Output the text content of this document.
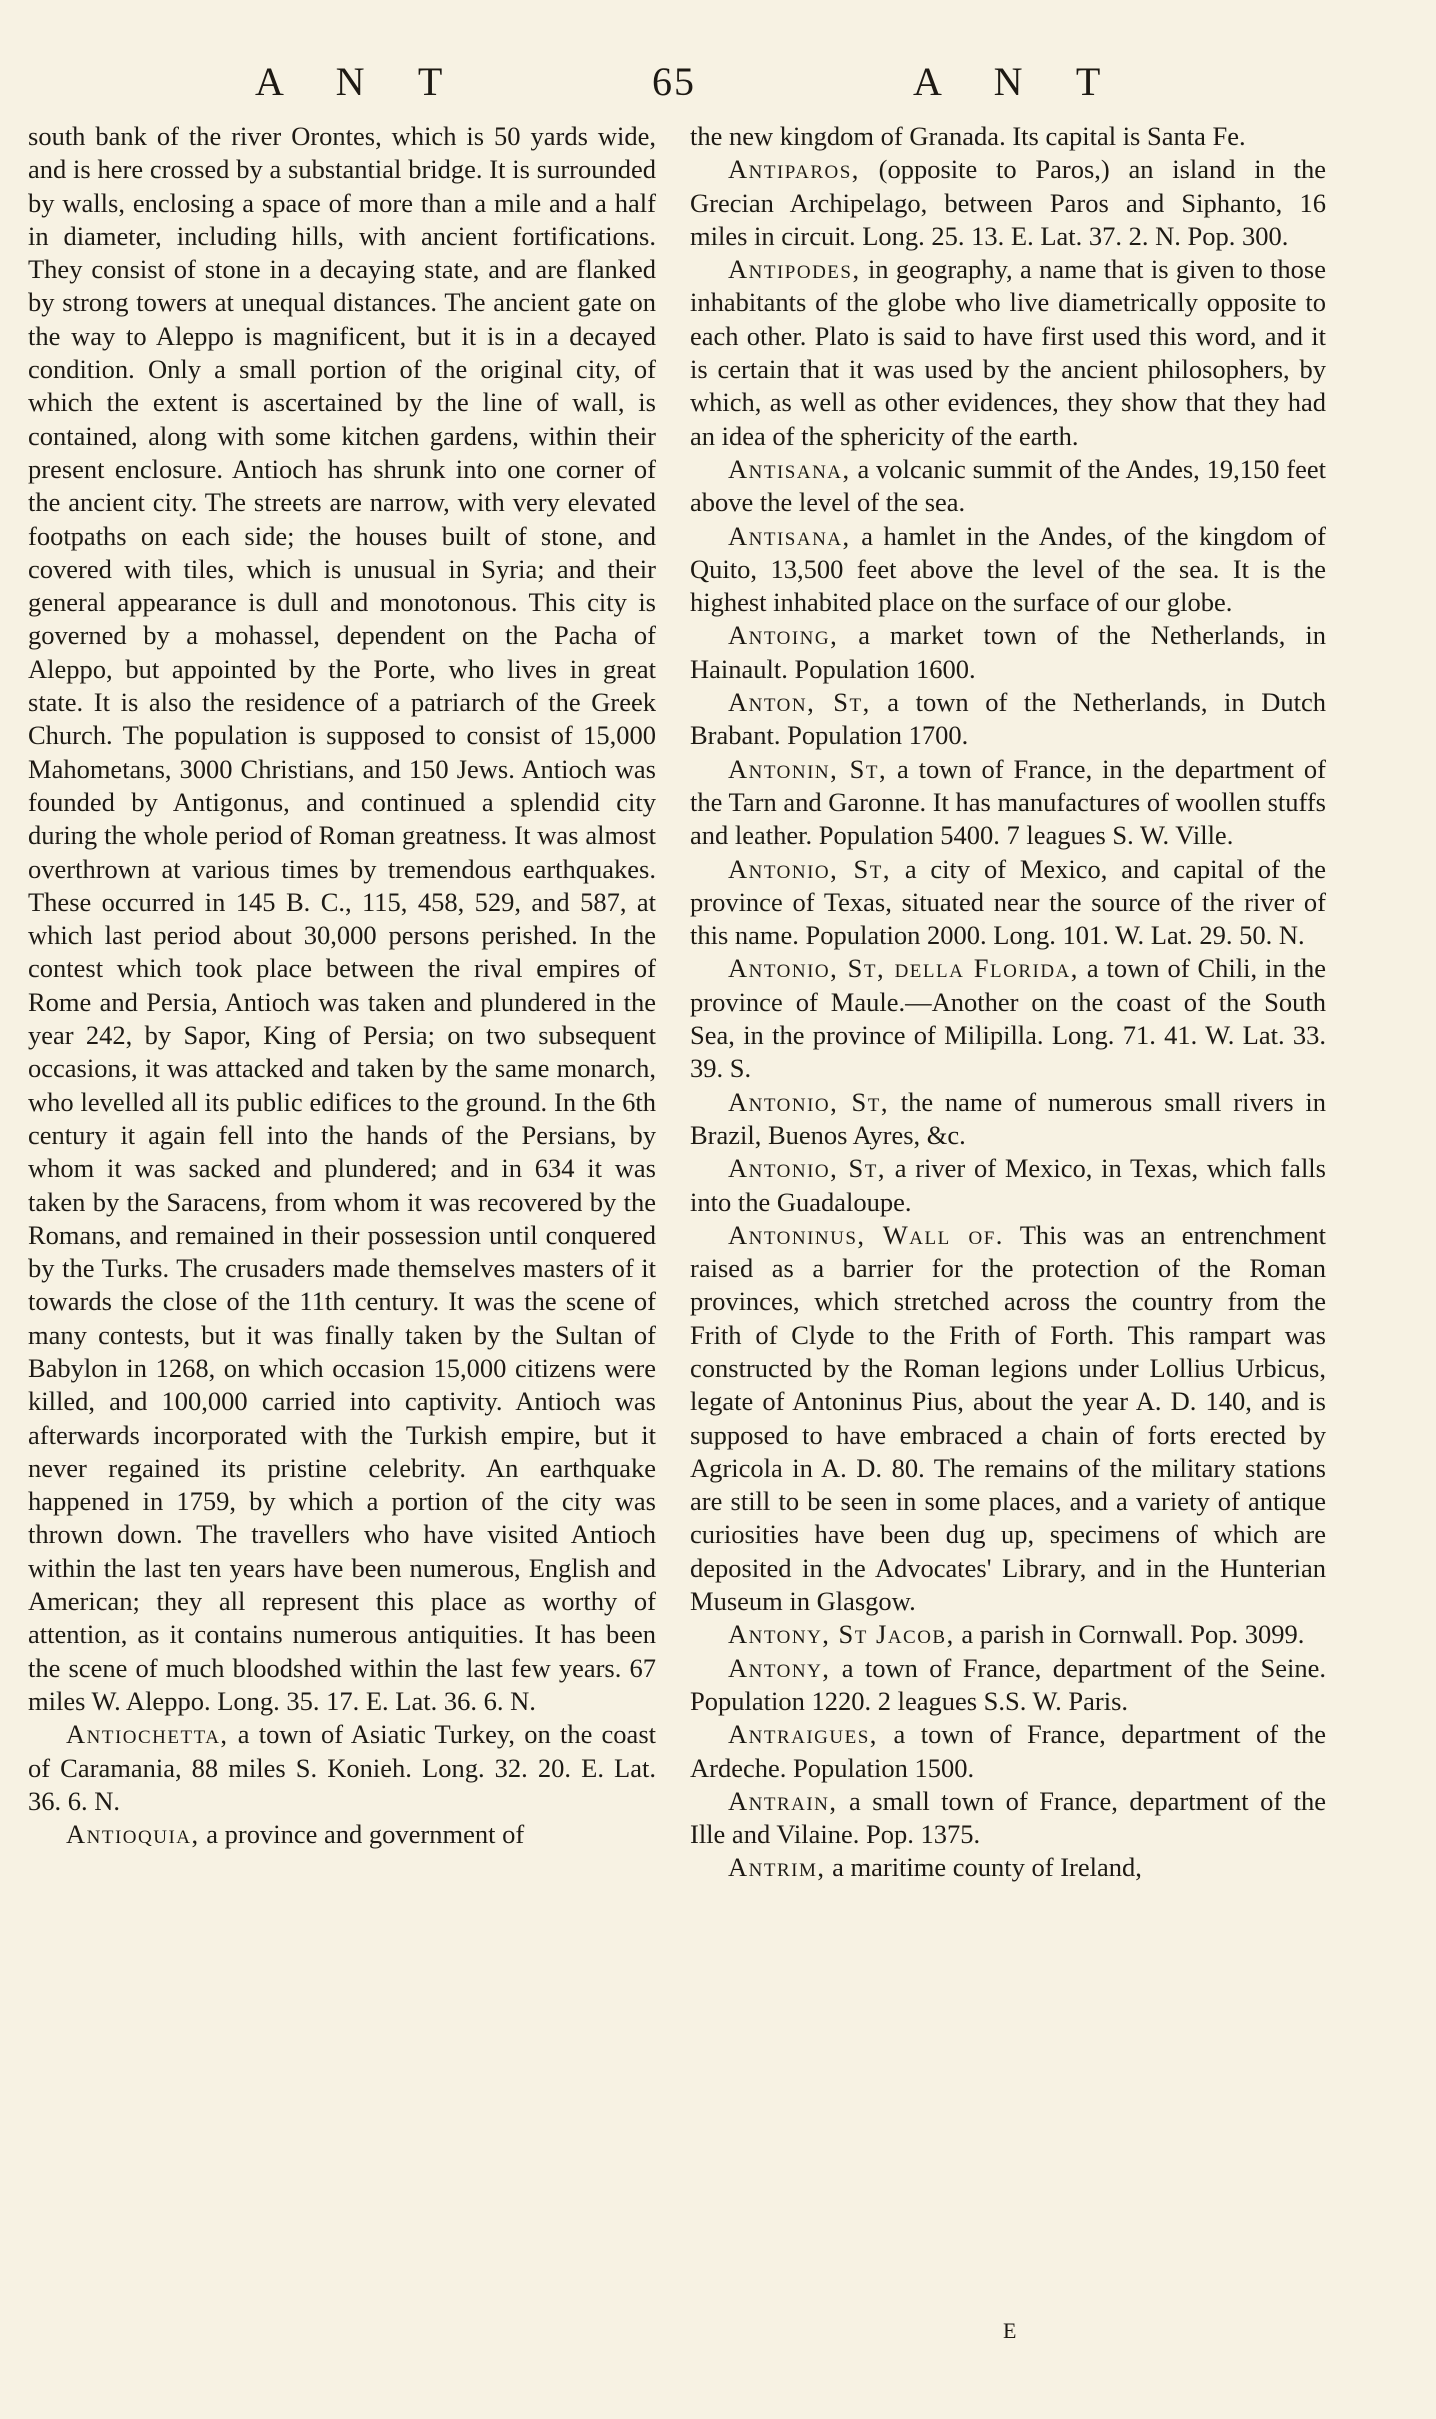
A N T	65	A N T

south bank of the river Orontes, which is 50 yards wide, and is here crossed by a substantial bridge. It is surrounded by walls, enclosing a space of more than a mile and a half in diameter, including hills, with ancient fortifications. They consist of stone in a decaying state, and are flanked by strong towers at unequal distances. The ancient gate on the way to Aleppo is magnificent, but it is in a decayed condition. Only a small portion of the original city, of which the extent is ascertained by the line of wall, is contained, along with some kitchen gardens, within their present enclosure. Antioch has shrunk into one corner of the ancient city. The streets are narrow, with very elevated footpaths on each side; the houses built of stone, and covered with tiles, which is unusual in Syria; and their general appearance is dull and monotonous. This city is governed by a mohassel, dependent on the Pacha of Aleppo, but appointed by the Porte, who lives in great state. It is also the residence of a patriarch of the Greek Church. The population is supposed to consist of 15,000 Mahometans, 3000 Christians, and 150 Jews. Antioch was founded by Antigonus, and continued a splendid city during the whole period of Roman greatness. It was almost overthrown at various times by tremendous earthquakes. These occurred in 145 B. C., 115, 458, 529, and 587, at which last period about 30,000 persons perished. In the contest which took place between the rival empires of Rome and Persia, Antioch was taken and plundered in the year 242, by Sapor, King of Persia; on two subsequent occasions, it was attacked and taken by the same monarch, who levelled all its public edifices to the ground. In the 6th century it again fell into the hands of the Persians, by whom it was sacked and plundered; and in 634 it was taken by the Saracens, from whom it was recovered by the Romans, and remained in their possession until conquered by the Turks. The crusaders made themselves masters of it towards the close of the 11th century. It was the scene of many contests, but it was finally taken by the Sultan of Babylon in 1268, on which occasion 15,000 citizens were killed, and 100,000 carried into captivity. Antioch was afterwards incorporated with the Turkish empire, but it never regained its pristine celebrity. An earthquake happened in 1759, by which a portion of the city was thrown down. The travellers who have visited Antioch within the last ten years have been numerous, English and American; they all represent this place as worthy of attention, as it contains numerous antiquities. It has been the scene of much bloodshed within the last few years. 67 miles W. Aleppo. Long. 35. 17. E. Lat. 36. 6. N.

Antiochetta, a town of Asiatic Turkey, on the coast of Caramania, 88 miles S. Konieh. Long. 32. 20. E. Lat. 36. 6. N.

Antioquia, a province and government of

the new kingdom of Granada. Its capital is Santa Fe.

Antiparos, (opposite to Paros,) an island in the Grecian Archipelago, between Paros and Siphanto, 16 miles in circuit. Long. 25. 13. E. Lat. 37. 2. N. Pop. 300.

Antipodes, in geography, a name that is given to those inhabitants of the globe who live diametrically opposite to each other. Plato is said to have first used this word, and it is certain that it was used by the ancient philosophers, by which, as well as other evidences, they show that they had an idea of the sphericity of the earth.

Antisana, a volcanic summit of the Andes, 19,150 feet above the level of the sea.

Antisana, a hamlet in the Andes, of the kingdom of Quito, 13,500 feet above the level of the sea. It is the highest inhabited place on the surface of our globe.

Antoing, a market town of the Netherlands, in Hainault. Population 1600.

Anton, St, a town of the Netherlands, in Dutch Brabant. Population 1700.

Antonin, St, a town of France, in the department of the Tarn and Garonne. It has manufactures of woollen stuffs and leather. Population 5400. 7 leagues S. W. Ville.

Antonio, St, a city of Mexico, and capital of the province of Texas, situated near the source of the river of this name. Population 2000. Long. 101. W. Lat. 29. 50. N.

Antonio, St, della Florida, a town of Chili, in the province of Maule.—Another on the coast of the South Sea, in the province of Milipilla. Long. 71. 41. W. Lat. 33. 39. S.

Antonio, St, the name of numerous small rivers in Brazil, Buenos Ayres, &c.

Antonio, St, a river of Mexico, in Texas, which falls into the Guadaloupe.

Antoninus, Wall of. This was an entrenchment raised as a barrier for the protection of the Roman provinces, which stretched across the country from the Frith of Clyde to the Frith of Forth. This rampart was constructed by the Roman legions under Lollius Urbicus, legate of Antoninus Pius, about the year A. D. 140, and is supposed to have embraced a chain of forts erected by Agricola in A. D. 80. The remains of the military stations are still to be seen in some places, and a variety of antique curiosities have been dug up, specimens of which are deposited in the Advocates' Library, and in the Hunterian Museum in Glasgow.

Antony, St Jacob, a parish in Cornwall. Pop. 3099.

Antony, a town of France, department of the Seine. Population 1220. 2 leagues S.S. W. Paris.

Antraigues, a town of France, department of the Ardeche. Population 1500.

Antrain, a small town of France, department of the Ille and Vilaine. Pop. 1375.

Antrim, a maritime county of Ireland,

E
